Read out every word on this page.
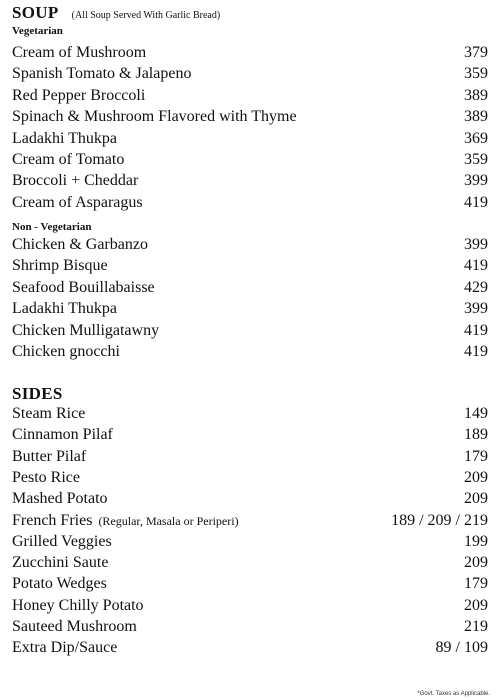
SOUP (All Soup Served With Garlic Bread)
Vegetarian
Cream of Mushroom	379
Spanish Tomato & Jalapeno	359
Red Pepper Broccoli	389
Spinach & Mushroom Flavored with Thyme	389
Ladakhi Thukpa	369
Cream of Tomato	359
Broccoli + Cheddar	399
Cream of Asparagus	419
Non - Vegetarian
Chicken & Garbanzo	399
Shrimp Bisque	419
Seafood Bouillabaisse	429
Ladakhi Thukpa	399
Chicken Mulligatawny	419
Chicken gnocchi	419
SIDES
Steam Rice	149
Cinnamon Pilaf	189
Butter Pilaf	179
Pesto Rice	209
Mashed Potato	209
French Fries (Regular, Masala or Periperi)	189 / 209 / 219
Grilled Veggies	199
Zucchini Saute	209
Potato Wedges	179
Honey Chilly Potato	209
Sauteed Mushroom	219
Extra Dip/Sauce	89 / 109
*Govt. Taxes as Applicable.
